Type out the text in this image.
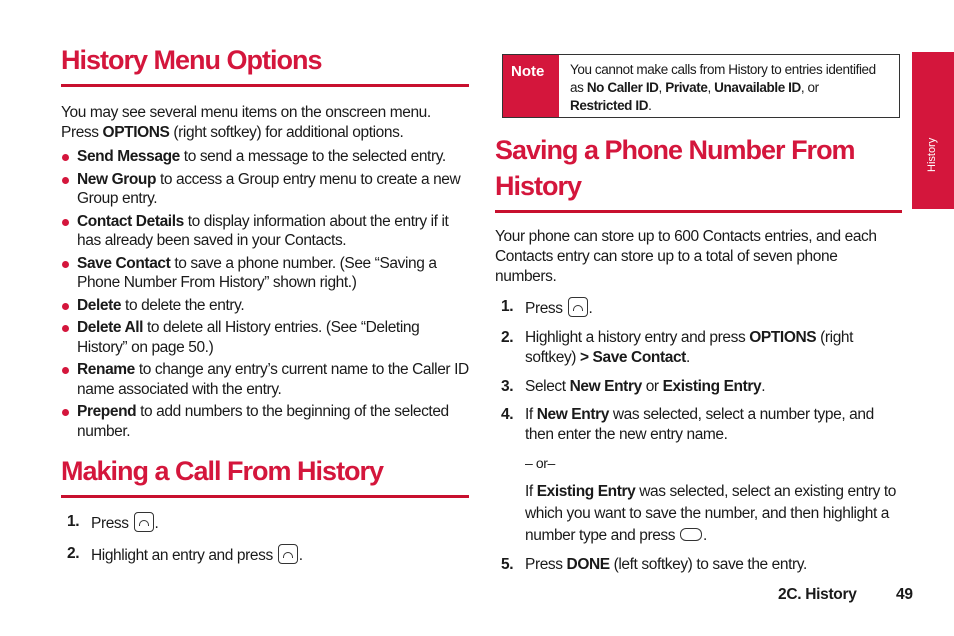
History
History Menu Options

You may see several menu items on the onscreen menu. Press OPTIONS (right softkey) for additional options.

Send Message to send a message to the selected entry.
New Group to access a Group entry menu to create a new Group entry.
Contact Details to display information about the entry if it has already been saved in your Contacts.
Save Contact to save a phone number. (See “Saving a Phone Number From History” shown right.)
Delete to delete the entry.
Delete All to delete all History entries. (See “Deleting History” on page 50.)
Rename to change any entry’s current name to the Caller ID name associated with the entry.
Prepend to add numbers to the beginning of the selected number.
Making a Call From History
1. Press .
2. Highlight an entry and press .
Note	You cannot make calls from History to entries identified
as No Caller ID, Private, Unavailable ID, or
Restricted ID.
Saving a Phone Number From
History

Your phone can store up to 600 Contacts entries, and each Contacts entry can store up to a total of seven phone numbers.

1. Press .
2. Highlight a history entry and press OPTIONS (right softkey) > Save Contact.
3. Select New Entry or Existing Entry.
4. If New Entry was selected, select a number type, and then enter the new entry name.
– or–
If Existing Entry was selected, select an existing entry to which you want to save the number, and then highlight a number type and press .
5. Press DONE (left softkey) to save the entry.
2C. History	49
